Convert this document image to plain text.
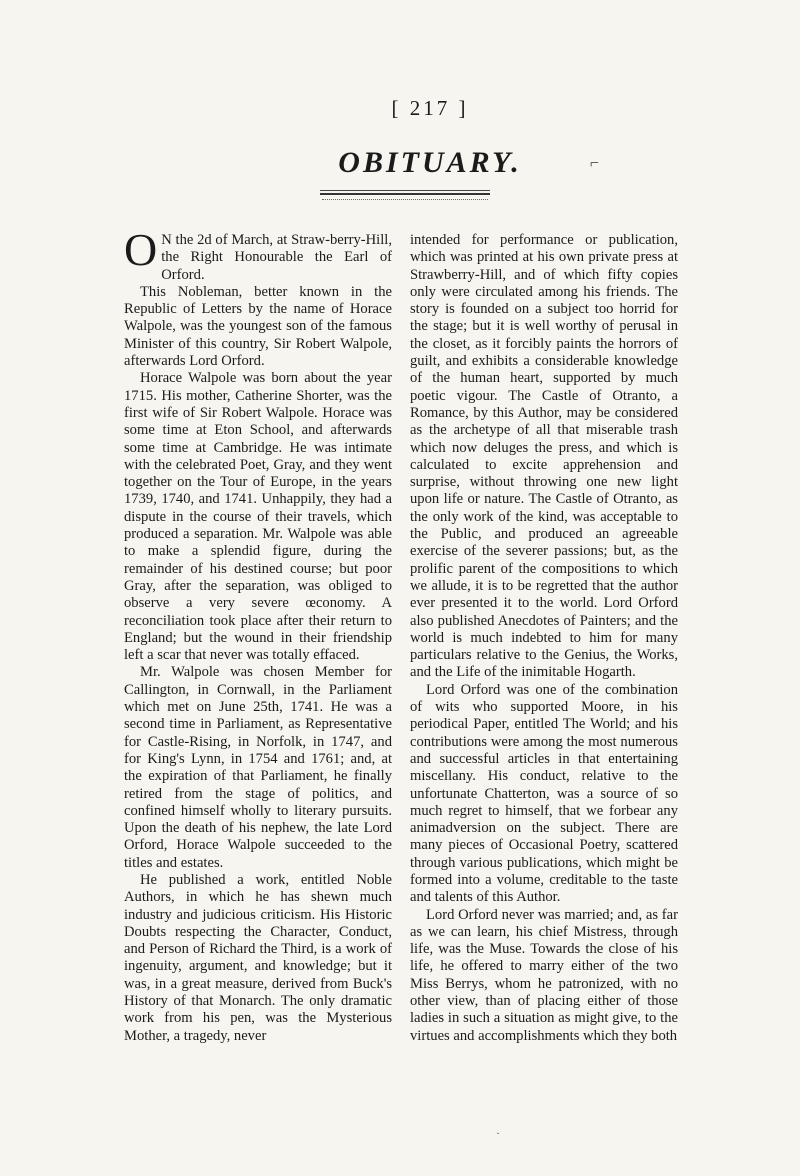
[ 217 ]
OBITUARY.	⌐
·

O N the 2d of March, at Straw-berry-Hill, the Right Honourable the Earl of Orford.

This Nobleman, better known in the Republic of Letters by the name of Horace Walpole, was the youngest son of the famous Minister of this country, Sir Robert Walpole, afterwards Lord Orford.

Horace Walpole was born about the year 1715. His mother, Catherine Shorter, was the first wife of Sir Robert Walpole. Horace was some time at Eton School, and afterwards some time at Cambridge. He was intimate with the celebrated Poet, Gray, and they went together on the Tour of Europe, in the years 1739, 1740, and 1741. Unhappily, they had a dispute in the course of their travels, which produced a separation. Mr. Walpole was able to make a splendid figure, during the remainder of his destined course; but poor Gray, after the separation, was obliged to observe a very severe œconomy. A reconciliation took place after their return to England; but the wound in their friendship left a scar that never was totally effaced.

Mr. Walpole was chosen Member for Callington, in Cornwall, in the Parliament which met on June 25th, 1741. He was a second time in Parliament, as Representative for Castle-Rising, in Norfolk, in 1747, and for King's Lynn, in 1754 and 1761; and, at the expiration of that Parliament, he finally retired from the stage of politics, and confined himself wholly to literary pursuits. Upon the death of his nephew, the late Lord Orford, Horace Walpole succeeded to the titles and estates.

He published a work, entitled Noble Authors, in which he has shewn much industry and judicious criticism. His Historic Doubts respecting the Character, Conduct, and Person of Richard the Third, is a work of ingenuity, argument, and knowledge; but it was, in a great measure, derived from Buck's History of that Monarch. The only dramatic work from his pen, was the Mysterious Mother, a tragedy, never

intended for performance or publication, which was printed at his own private press at Strawberry-Hill, and of which fifty copies only were circulated among his friends. The story is founded on a subject too horrid for the stage; but it is well worthy of perusal in the closet, as it forcibly paints the horrors of guilt, and exhibits a considerable knowledge of the human heart, supported by much poetic vigour. The Castle of Otranto, a Romance, by this Author, may be considered as the archetype of all that miserable trash which now deluges the press, and which is calculated to excite apprehension and surprise, without throwing one new light upon life or nature. The Castle of Otranto, as the only work of the kind, was acceptable to the Public, and produced an agreeable exercise of the severer passions; but, as the prolific parent of the compositions to which we allude, it is to be regretted that the author ever presented it to the world. Lord Orford also published Anecdotes of Painters; and the world is much indebted to him for many particulars relative to the Genius, the Works, and the Life of the inimitable Hogarth.

Lord Orford was one of the combination of wits who supported Moore, in his periodical Paper, entitled The World; and his contributions were among the most numerous and successful articles in that entertaining miscellany. His conduct, relative to the unfortunate Chatterton, was a source of so much regret to himself, that we forbear any animadversion on the subject. There are many pieces of Occasional Poetry, scattered through various publications, which might be formed into a volume, creditable to the taste and talents of this Author.

Lord Orford never was married; and, as far as we can learn, his chief Mistress, through life, was the Muse. Towards the close of his life, he offered to marry either of the two Miss Berrys, whom he patronized, with no other view, than of placing either of those ladies in such a situation as might give, to the virtues and accomplishments which they both
